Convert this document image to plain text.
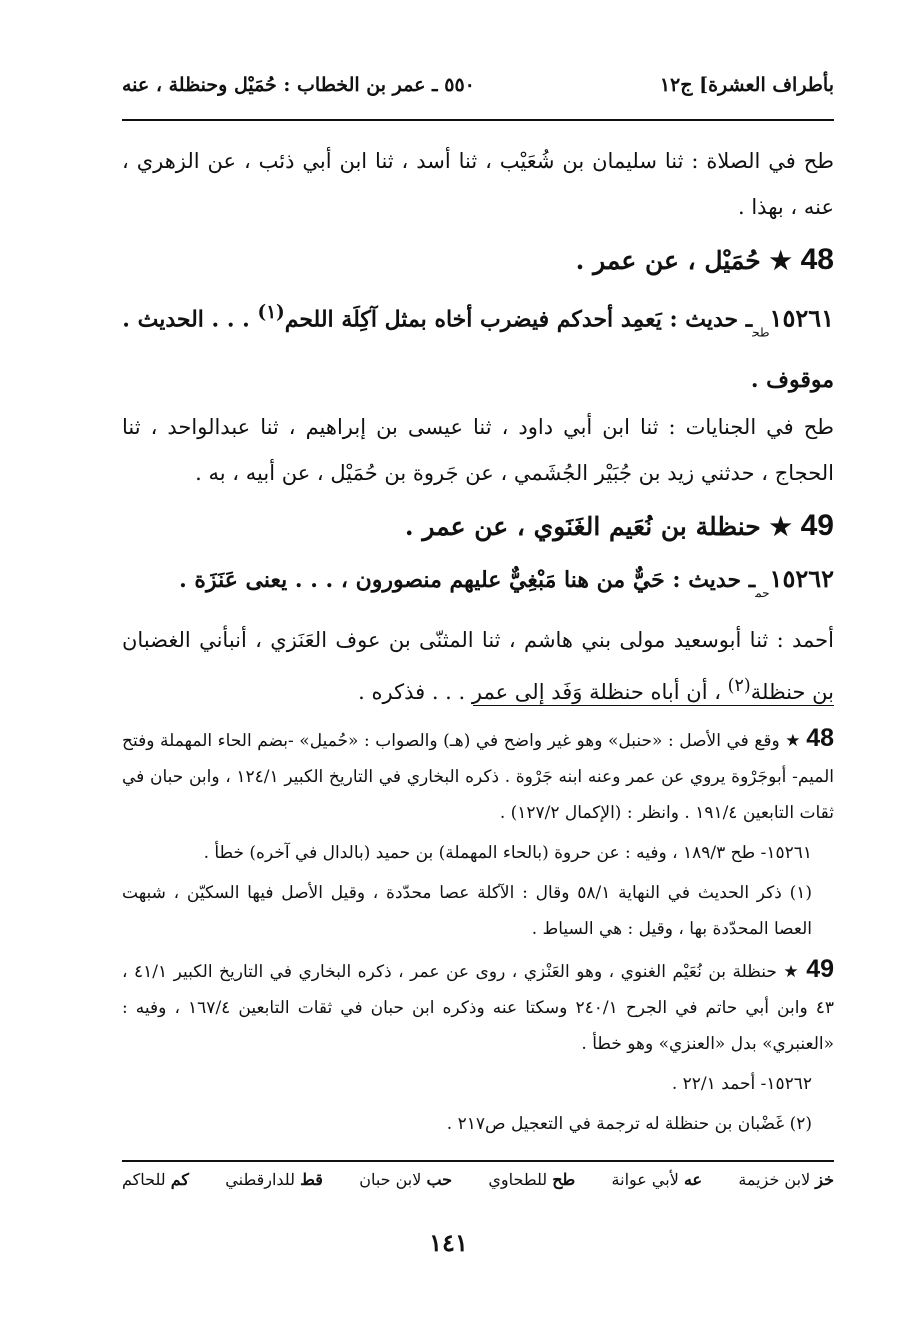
بأطراف العشرة] ج١٢
٥٥٠ ـ عمر بن الخطاب : حُمَيْل وحنظلة ، عنه

طح في الصلاة : ثنا سليمان بن شُعَيْب ، ثنا أسد ، ثنا ابن أبي ذئب ، عن الزهري ، عنه ، بهذا .

48 ★ حُمَيْل ، عن عمر .

$١٥٢٦١_{طح}ـ$ حديث : يَعمِد أحدكم فيضرب أخاه بمثل آكِلَة اللحم$^{(١)}$ . . . الحديث . موقوف .

طح في الجنايات : ثنا ابن أبي داود ، ثنا عيسى بن إبراهيم ، ثنا عبدالواحد ، ثنا الحجاج ، حدثني زيد بن جُبَيْر الجُشَمي ، عن جَروة بن حُمَيْل ، عن أبيه ، به .

49 ★ حنظلة بن نُعَيم الغَنَوي ، عن عمر .

$١٥٢٦٢_{حم}ـ$ حديث : حَيٌّ من هنا مَبْغِيٌّ عليهم منصورون ، . . . يعنى عَنَزَة .

أحمد : ثنا أبوسعيد مولى بني هاشم ، ثنا المثنّى بن عوف العَنَزي ، أنبأني الغضبان بن حنظلة$^{(٢)}$ ، أن أباه حنظلة وَفَد إلى عمر . . . فذكره .

48 ★ وقع في الأصل : «حنبل» وهو غير واضح في (هـ) والصواب : «حُميل» -بضم الحاء المهملة وفتح الميم- أبوجَرْوة يروي عن عمر وعنه ابنه جَرْوة . ذكره البخاري في التاريخ الكبير ١٢٤/١ ، وابن حبان في ثقات التابعين ١٩١/٤ . وانظر : (الإكمال ١٢٧/٢) .

١٥٢٦١- طح ١٨٩/٣ ، وفيه : عن حروة (بالحاء المهملة) بن حميد (بالدال في آخره) خطأ .

(١) ذكر الحديث في النهاية ٥٨/١ وقال : الآكلة عصا محدّدة ، وقيل الأصل فيها السكيّن ، شبهت العصا المحدّدة بها ، وقيل : هي السياط .

49 ★ حنظلة بن نُعَيْم الغنوي ، وهو العَنْزي ، روى عن عمر ، ذكره البخاري في التاريخ الكبير ٤١/١ ، ٤٣ وابن أبي حاتم في الجرح ٢٤٠/١ وسكتا عنه وذكره ابن حبان في ثقات التابعين ١٦٧/٤ ، وفيه : «العنبري» بدل «العنزي» وهو خطأ .

١٥٢٦٢- أحمد ٢٢/١ .

(٢) غَضْبان بن حنظلة له ترجمة في التعجيل ص٢١٧ .

خز لابن خزيمة
عه لأبي عوانة
طح للطحاوي
حب لابن حبان
قط للدارقطني
كم للحاكم
١٤١
